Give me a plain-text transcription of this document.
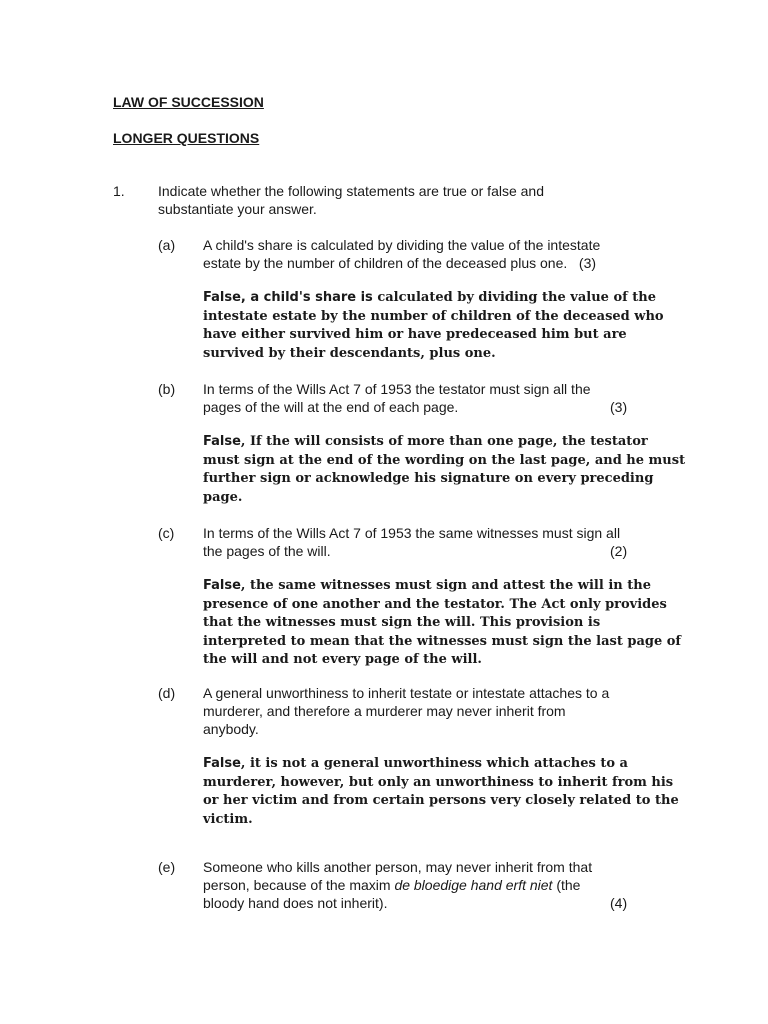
LAW OF SUCCESSION
LONGER QUESTIONS
1. Indicate whether the following statements are true or false and
substantiate your answer.
(a) A child's share is calculated by dividing the value of the intestate
estate by the number of children of the deceased plus one. (3)
False, a child's share is calculated by dividing the value of the
intestate estate by the number of children of the deceased who
have either survived him or have predeceased him but are
survived by their descendants, plus one.
(b) In terms of the Wills Act 7 of 1953 the testator must sign all the
pages of the will at the end of each page.	(3)
False, If the will consists of more than one page, the testator
must sign at the end of the wording on the last page, and he must
further sign or acknowledge his signature on every preceding
page.
(c) In terms of the Wills Act 7 of 1953 the same witnesses must sign all
the pages of the will.	(2)
False, the same witnesses must sign and attest the will in the
presence of one another and the testator. The Act only provides
that the witnesses must sign the will. This provision is
interpreted to mean that the witnesses must sign the last page of
the will and not every page of the will.
(d) A general unworthiness to inherit testate or intestate attaches to a
murderer, and therefore a murderer may never inherit from
anybody.
False, it is not a general unworthiness which attaches to a
murderer, however, but only an unworthiness to inherit from his
or her victim and from certain persons very closely related to the
victim.
(e) Someone who kills another person, may never inherit from that
person, because of the maxim de bloedige hand erft niet (the
bloody hand does not inherit).	(4)
